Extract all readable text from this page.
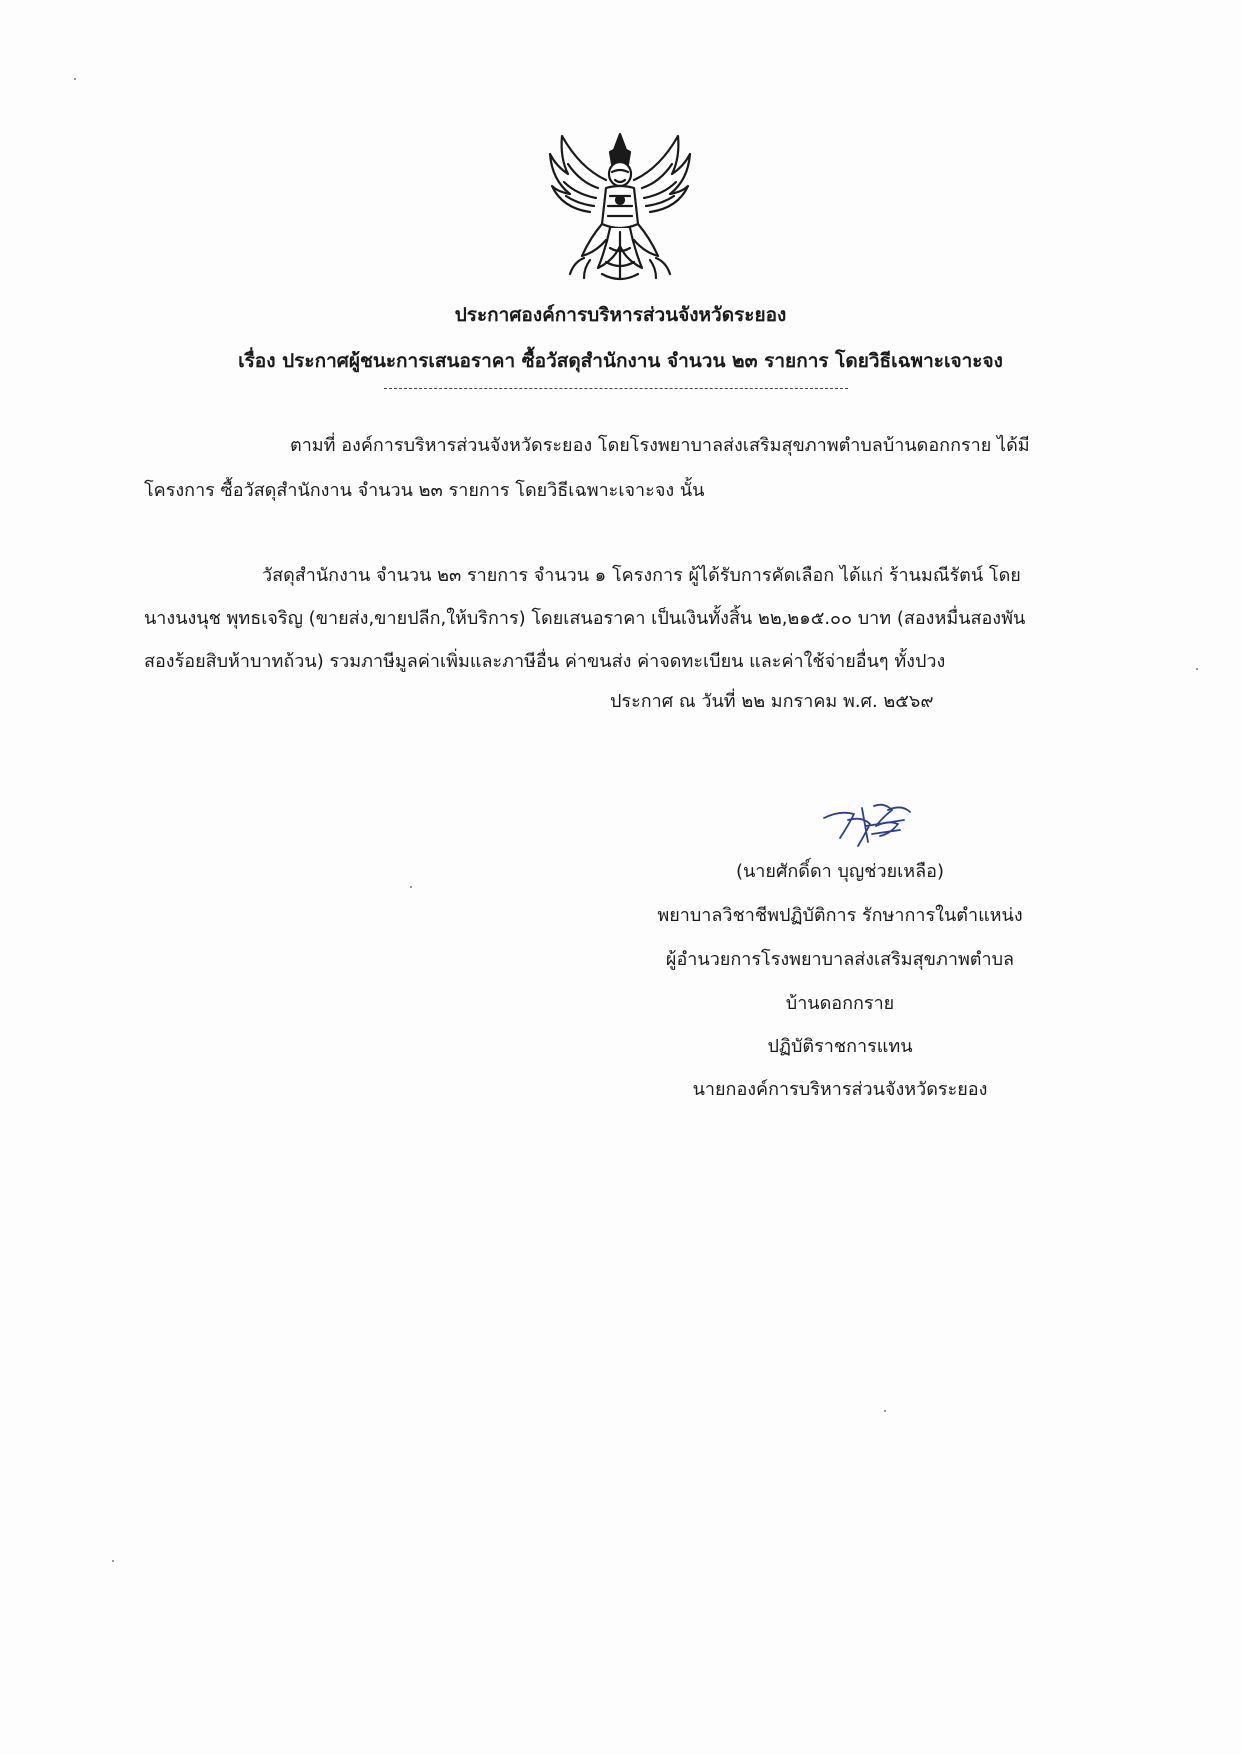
ประกาศองค์การบริหารส่วนจังหวัดระยอง
เรื่อง ประกาศผู้ชนะการเสนอราคา ซื้อวัสดุสำนักงาน จำนวน ๒๓ รายการ โดยวิธีเฉพาะเจาะจง
ตามที่ องค์การบริหารส่วนจังหวัดระยอง โดยโรงพยาบาลส่งเสริมสุขภาพตำบลบ้านดอกกราย ได้มี
โครงการ ซื้อวัสดุสำนักงาน จำนวน ๒๓ รายการ โดยวิธีเฉพาะเจาะจง นั้น
วัสดุสำนักงาน จำนวน ๒๓ รายการ จำนวน ๑ โครงการ ผู้ได้รับการคัดเลือก ได้แก่ ร้านมณีรัตน์ โดย
นางนงนุช พุทธเจริญ (ขายส่ง,ขายปลีก,ให้บริการ) โดยเสนอราคา เป็นเงินทั้งสิ้น ๒๒,๒๑๕.๐๐ บาท (สองหมื่นสองพัน
สองร้อยสิบห้าบาทถ้วน) รวมภาษีมูลค่าเพิ่มและภาษีอื่น ค่าขนส่ง ค่าจดทะเบียน และค่าใช้จ่ายอื่นๆ ทั้งปวง
ประกาศ ณ วันที่ ๒๒ มกราคม พ.ศ. ๒๕๖๙
(นายศักดิ์ดา บุญช่วยเหลือ)
พยาบาลวิชาชีพปฏิบัติการ รักษาการในตำแหน่ง
ผู้อำนวยการโรงพยาบาลส่งเสริมสุขภาพตำบล
บ้านดอกกราย
ปฏิบัติราชการแทน
นายกองค์การบริหารส่วนจังหวัดระยอง
